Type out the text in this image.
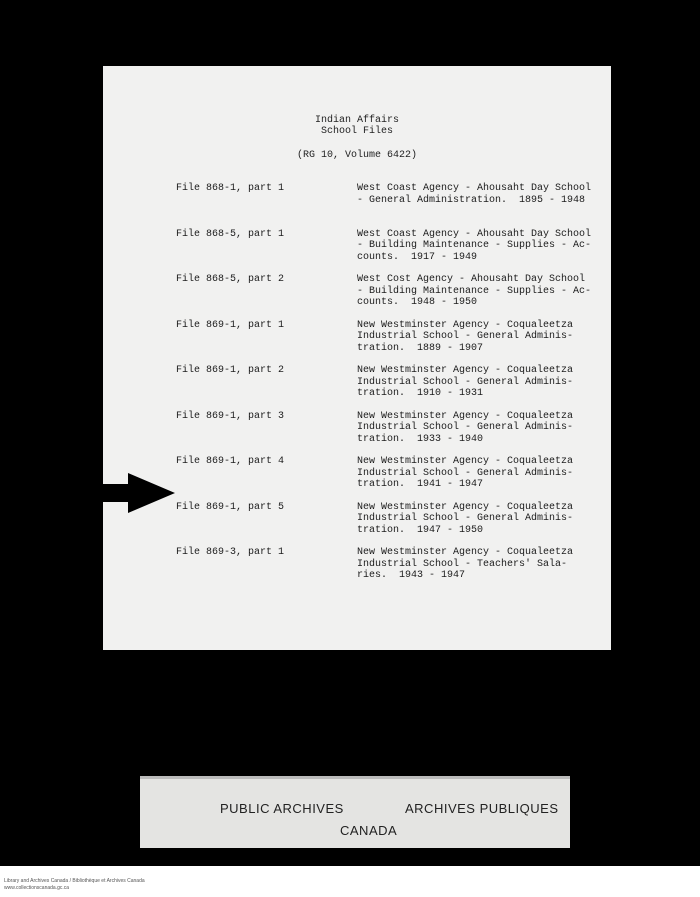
Indian Affairs
School Files
(RG 10, Volume 6422)
File 868-1, part 1	West Coast Agency - Ahousaht Day School
- General Administration.  1895 - 1948
File 868-5, part 1	West Coast Agency - Ahousaht Day School
- Building Maintenance - Supplies - Ac-
counts.  1917 - 1949
File 868-5, part 2	West Cost Agency - Ahousaht Day School
- Building Maintenance - Supplies - Ac-
counts.  1948 - 1950
File 869-1, part 1	New Westminster Agency - Coqualeetza
Industrial School - General Adminis-
tration.  1889 - 1907
File 869-1, part 2	New Westminster Agency - Coqualeetza
Industrial School - General Adminis-
tration.  1910 - 1931
File 869-1, part 3	New Westminster Agency - Coqualeetza
Industrial School - General Adminis-
tration.  1933 - 1940
File 869-1, part 4	New Westminster Agency - Coqualeetza
Industrial School - General Adminis-
tration.  1941 - 1947
File 869-1, part 5	New Westminster Agency - Coqualeetza
Industrial School - General Adminis-
tration.  1947 - 1950
File 869-3, part 1	New Westminster Agency - Coqualeetza
Industrial School - Teachers' Sala-
ries.  1943 - 1947
PUBLIC ARCHIVES	ARCHIVES PUBLIQUES
CANADA
Library and Archives Canada / Bibliothèque et Archives Canada
www.collectionscanada.gc.ca
